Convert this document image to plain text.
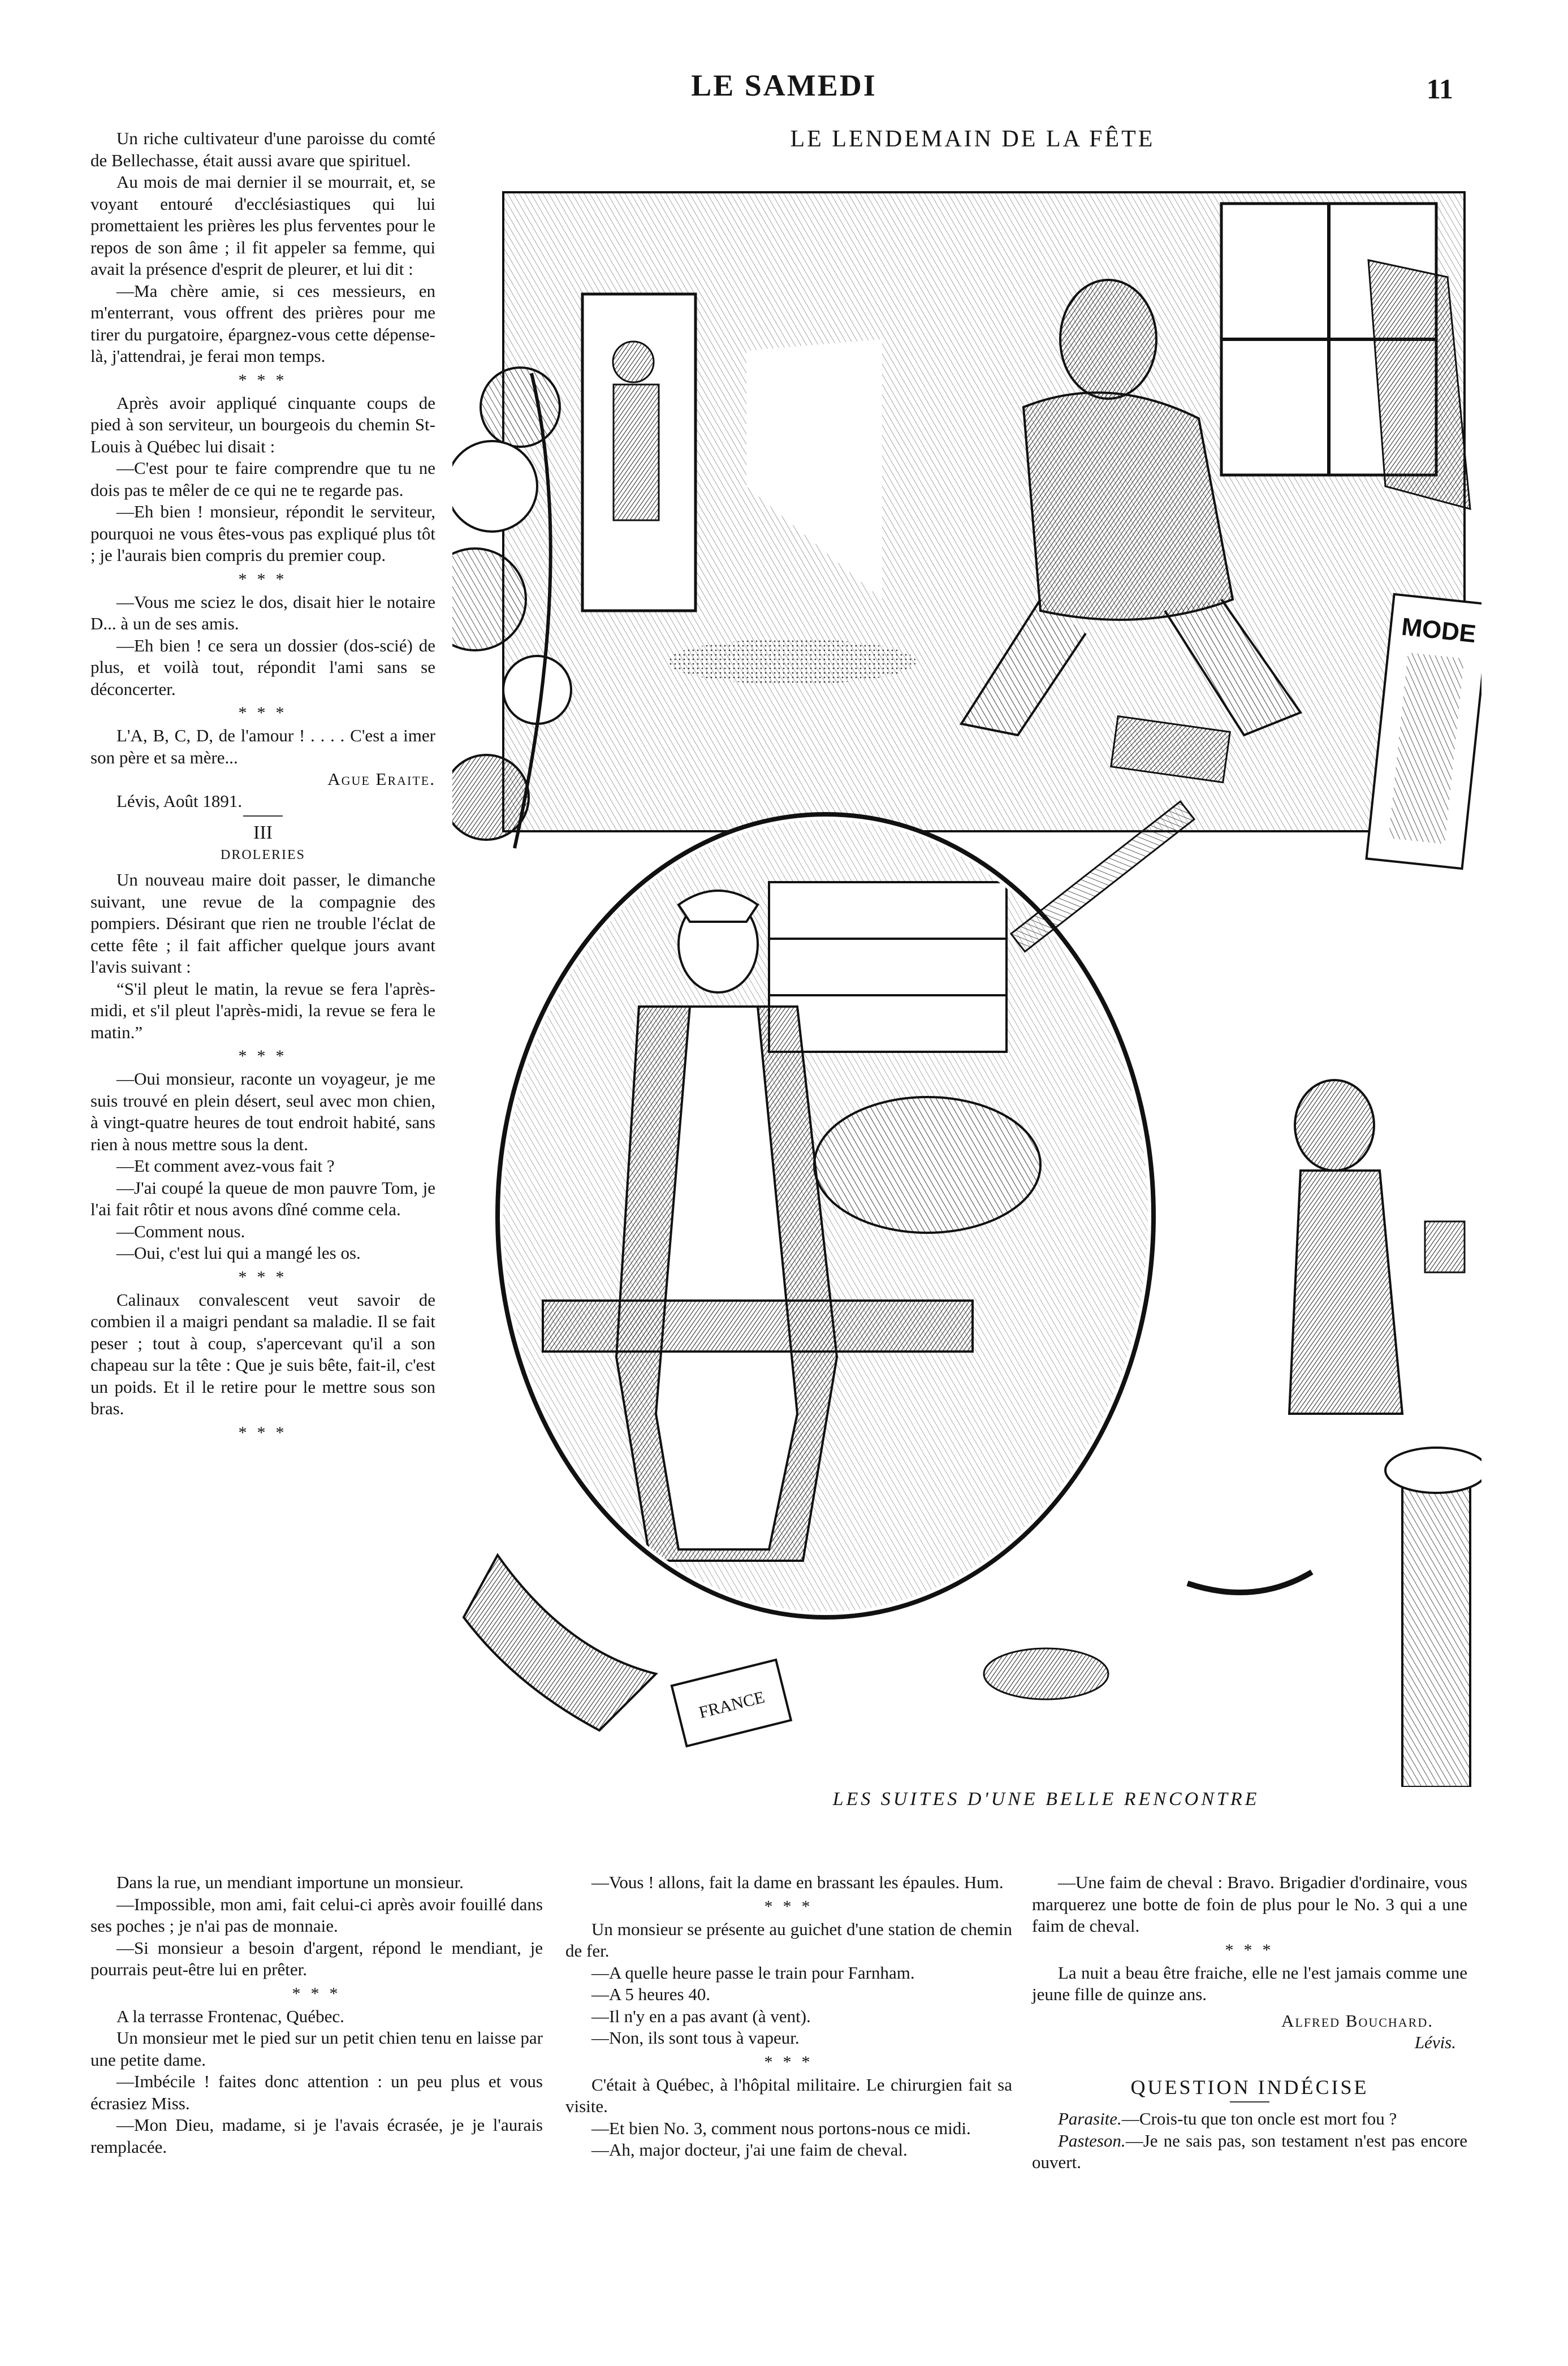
LE SAMEDI	11

Un riche cultivateur d'une paroisse du comté de Bellechasse, était aussi avare que spirituel.

Au mois de mai dernier il se mourrait, et, se voyant entouré d'ecclésiastiques qui lui promettaient les prières les plus ferventes pour le repos de son âme ; il fit appeler sa femme, qui avait la présence d'esprit de pleurer, et lui dit :

—Ma chère amie, si ces messieurs, en m'enterrant, vous offrent des prières pour me tirer du purgatoire, épargnez-vous cette dépense-là, j'attendrai, je ferai mon temps.

* * *

Après avoir appliqué cinquante coups de pied à son serviteur, un bourgeois du chemin St-Louis à Québec lui disait :

—C'est pour te faire comprendre que tu ne dois pas te mêler de ce qui ne te regarde pas.

—Eh bien ! monsieur, répondit le serviteur, pourquoi ne vous êtes-vous pas expliqué plus tôt ; je l'aurais bien compris du premier coup.

* * *

—Vous me sciez le dos, disait hier le notaire D... à un de ses amis.

—Eh bien ! ce sera un dossier (dos-scié) de plus, et voilà tout, répondit l'ami sans se déconcerter.

* * *

L'A, B, C, D, de l'amour ! . . . . C'est a imer son père et sa mère...

Ague Eraite.

Lévis, Août 1891.

III

DROLERIES

Un nouveau maire doit passer, le dimanche suivant, une revue de la compagnie des pompiers. Désirant que rien ne trouble l'éclat de cette fête ; il fait afficher quelque jours avant l'avis suivant :

“S'il pleut le matin, la revue se fera l'après-midi, et s'il pleut l'après-midi, la revue se fera le matin.”

* * *

—Oui monsieur, raconte un voyageur, je me suis trouvé en plein désert, seul avec mon chien, à vingt-quatre heures de tout endroit habité, sans rien à nous mettre sous la dent.

—Et comment avez-vous fait ?

—J'ai coupé la queue de mon pauvre Tom, je l'ai fait rôtir et nous avons dîné comme cela.

—Comment nous.

—Oui, c'est lui qui a mangé les os.

* * *

Calinaux convalescent veut savoir de combien il a maigri pendant sa maladie. Il se fait peser ; tout à coup, s'apercevant qu'il a son chapeau sur la tête : Que je suis bête, fait-il, c'est un poids. Et il le retire pour le mettre sous son bras.

* * *
LE LENDEMAIN DE LA FÊTE
MODE
FRANCE
LES SUITES D'UNE BELLE RENCONTRE

Dans la rue, un mendiant importune un monsieur.

—Impossible, mon ami, fait celui-ci après avoir fouillé dans ses poches ; je n'ai pas de monnaie.

—Si monsieur a besoin d'argent, répond le mendiant, je pourrais peut-être lui en prêter.

* * *

A la terrasse Frontenac, Québec.

Un monsieur met le pied sur un petit chien tenu en laisse par une petite dame.

—Imbécile ! faites donc attention : un peu plus et vous écrasiez Miss.

—Mon Dieu, madame, si je l'avais écrasée, je je l'aurais remplacée.

—Vous ! allons, fait la dame en brassant les épaules. Hum.

* * *

Un monsieur se présente au guichet d'une station de chemin de fer.

—A quelle heure passe le train pour Farnham.

—A 5 heures 40.

—Il n'y en a pas avant (à vent).

—Non, ils sont tous à vapeur.

* * *

C'était à Québec, à l'hôpital militaire. Le chirurgien fait sa visite.

—Et bien No. 3, comment nous portons-nous ce midi.

—Ah, major docteur, j'ai une faim de cheval.

—Une faim de cheval : Bravo. Brigadier d'ordinaire, vous marquerez une botte de foin de plus pour le No. 3 qui a une faim de cheval.

* * *

La nuit a beau être fraiche, elle ne l'est jamais comme une jeune fille de quinze ans.

Alfred Bouchard.

Lévis.

QUESTION INDÉCISE

Parasite.—Crois-tu que ton oncle est mort fou ?

Pasteson.—Je ne sais pas, son testament n'est pas encore ouvert.
